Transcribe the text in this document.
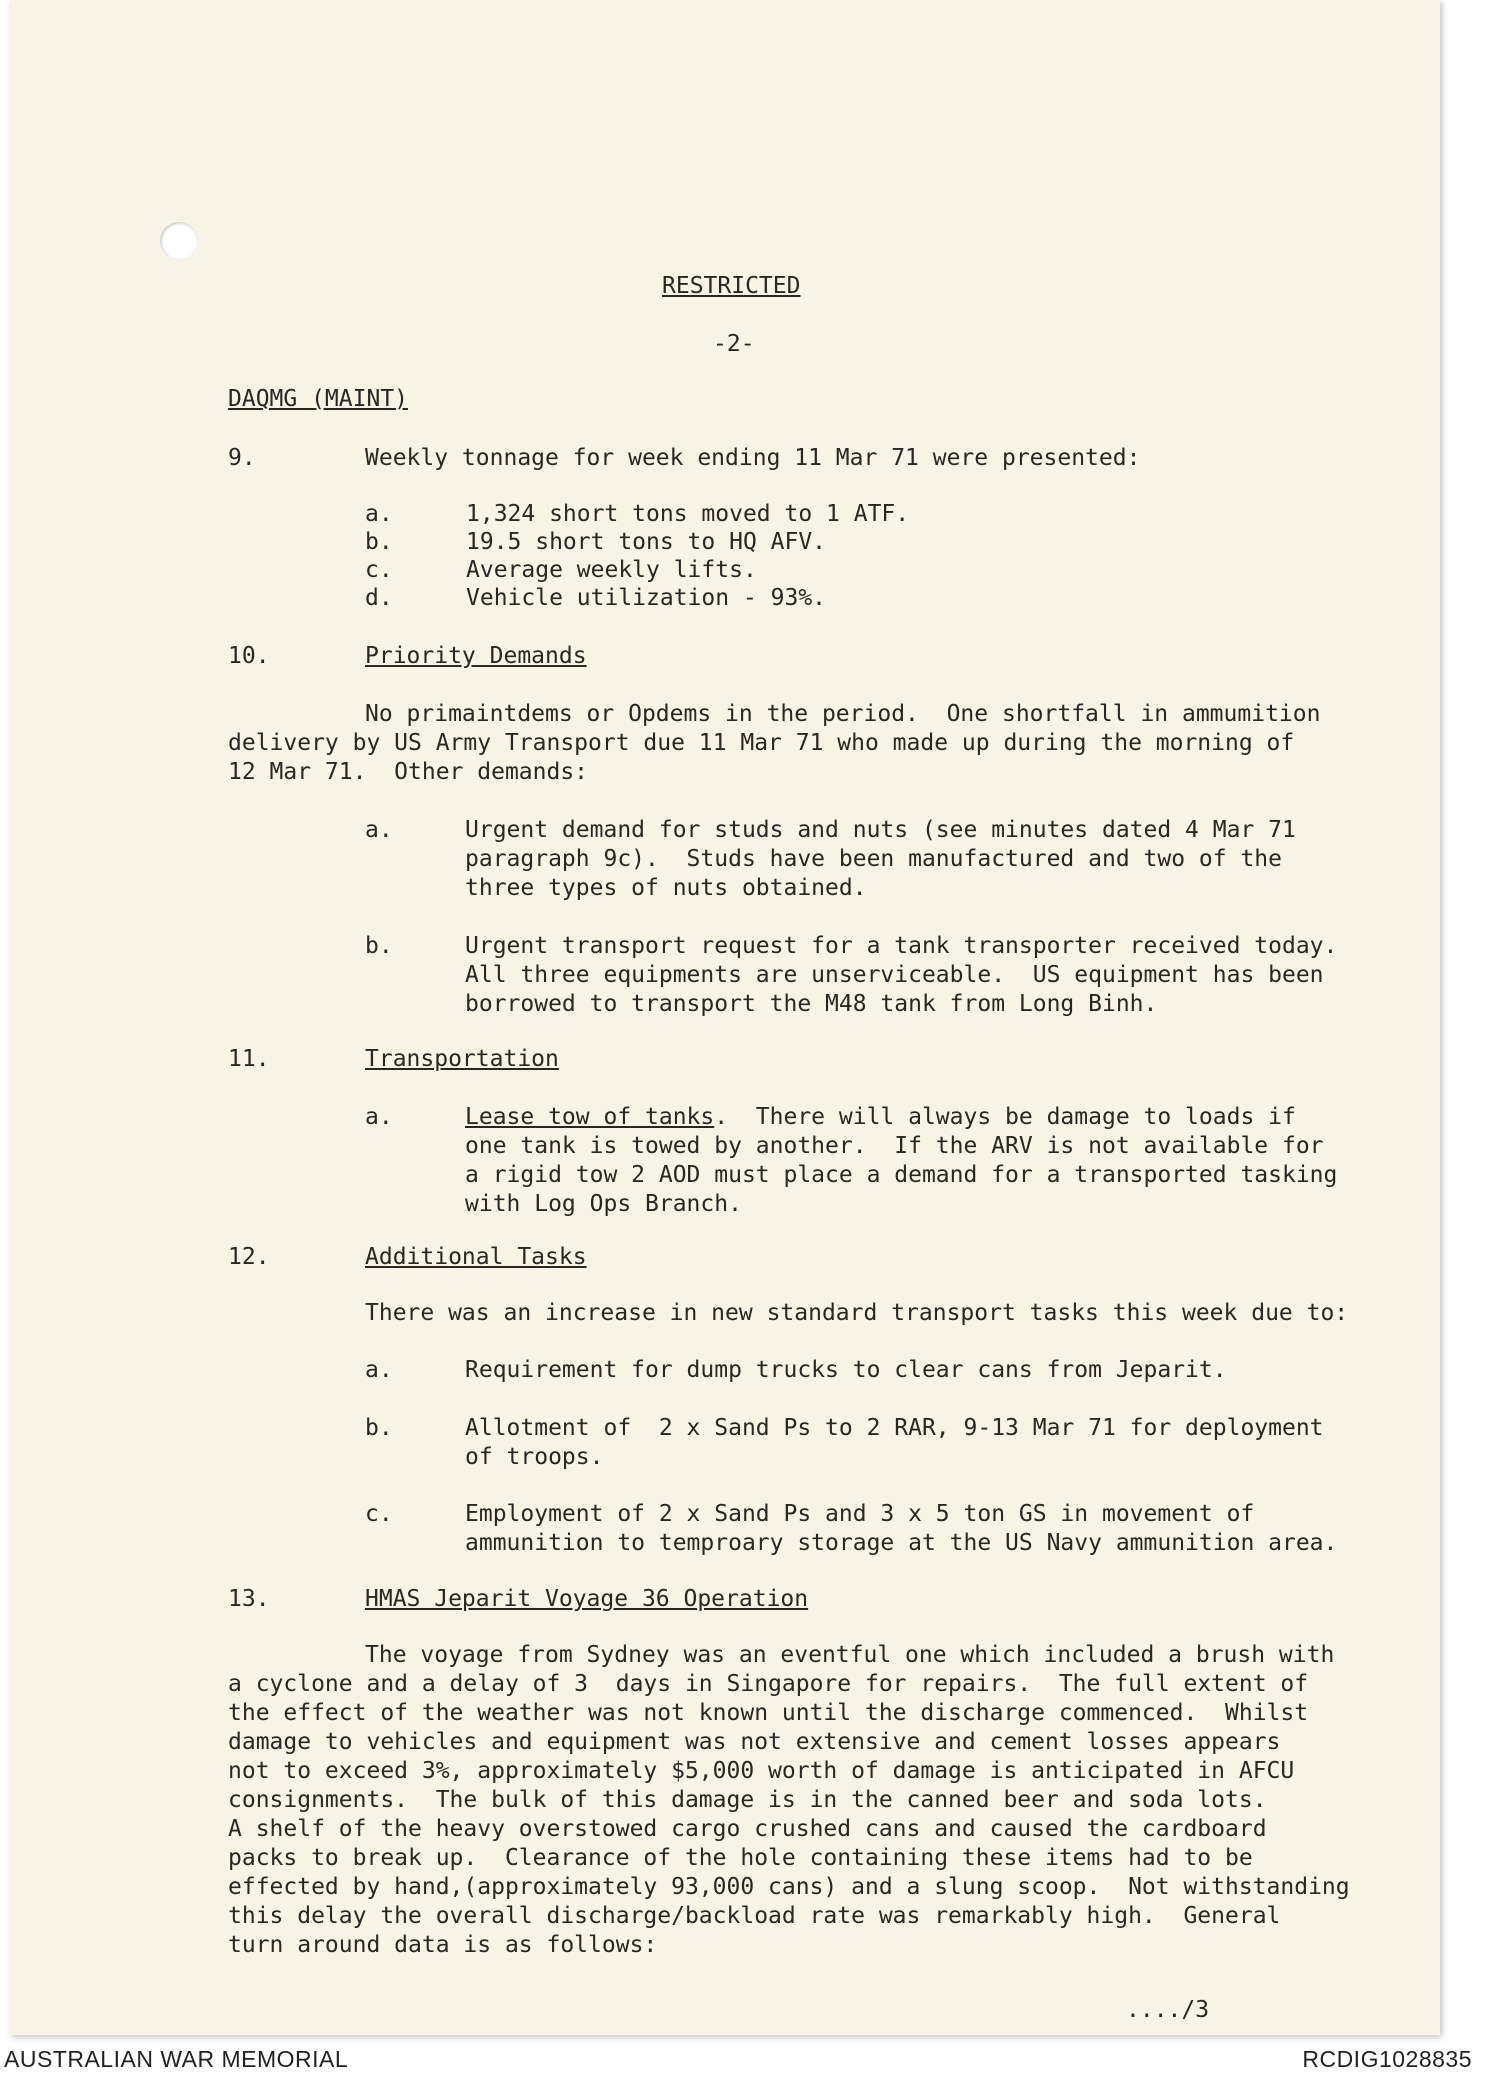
RESTRICTED
-2-
DAQMG (MAINT)
9.	Weekly tonnage for week ending 11 Mar 71 were presented:
a.	1,324 short tons moved to 1 ATF.
b.	19.5 short tons to HQ AFV.
c.	Average weekly lifts.
d.	Vehicle utilization - 93%.
10.	Priority Demands
No primaintdems or Opdems in the period.  One shortfall in ammumition
delivery by US Army Transport due 11 Mar 71 who made up during the morning of
12 Mar 71.  Other demands:
a.	Urgent demand for studs and nuts (see minutes dated 4 Mar 71
paragraph 9c).  Studs have been manufactured and two of the
three types of nuts obtained.
b.	Urgent transport request for a tank transporter received today.
All three equipments are unserviceable.  US equipment has been
borrowed to transport the M48 tank from Long Binh.
11.	Transportation
a.	Lease tow of tanks.  There will always be damage to loads if
one tank is towed by another.  If the ARV is not available for
a rigid tow 2 AOD must place a demand for a transported tasking
with Log Ops Branch.
12.	Additional Tasks
There was an increase in new standard transport tasks this week due to:
a.	Requirement for dump trucks to clear cans from Jeparit.
b.	Allotment of  2 x Sand Ps to 2 RAR, 9-13 Mar 71 for deployment
of troops.
c.	Employment of 2 x Sand Ps and 3 x 5 ton GS in movement of
ammunition to temproary storage at the US Navy ammunition area.
13.	HMAS Jeparit Voyage 36 Operation
The voyage from Sydney was an eventful one which included a brush with
a cyclone and a delay of 3  days in Singapore for repairs.  The full extent of
the effect of the weather was not known until the discharge commenced.  Whilst
damage to vehicles and equipment was not extensive and cement losses appears
not to exceed 3%, approximately $5,000 worth of damage is anticipated in AFCU
consignments.  The bulk of this damage is in the canned beer and soda lots.
A shelf of the heavy overstowed cargo crushed cans and caused the cardboard
packs to break up.  Clearance of the hole containing these items had to be
effected by hand,(approximately 93,000 cans) and a slung scoop.  Not withstanding
this delay the overall discharge/backload rate was remarkably high.  General
turn around data is as follows:
..../3
AUSTRALIAN WAR MEMORIAL	RCDIG1028835
